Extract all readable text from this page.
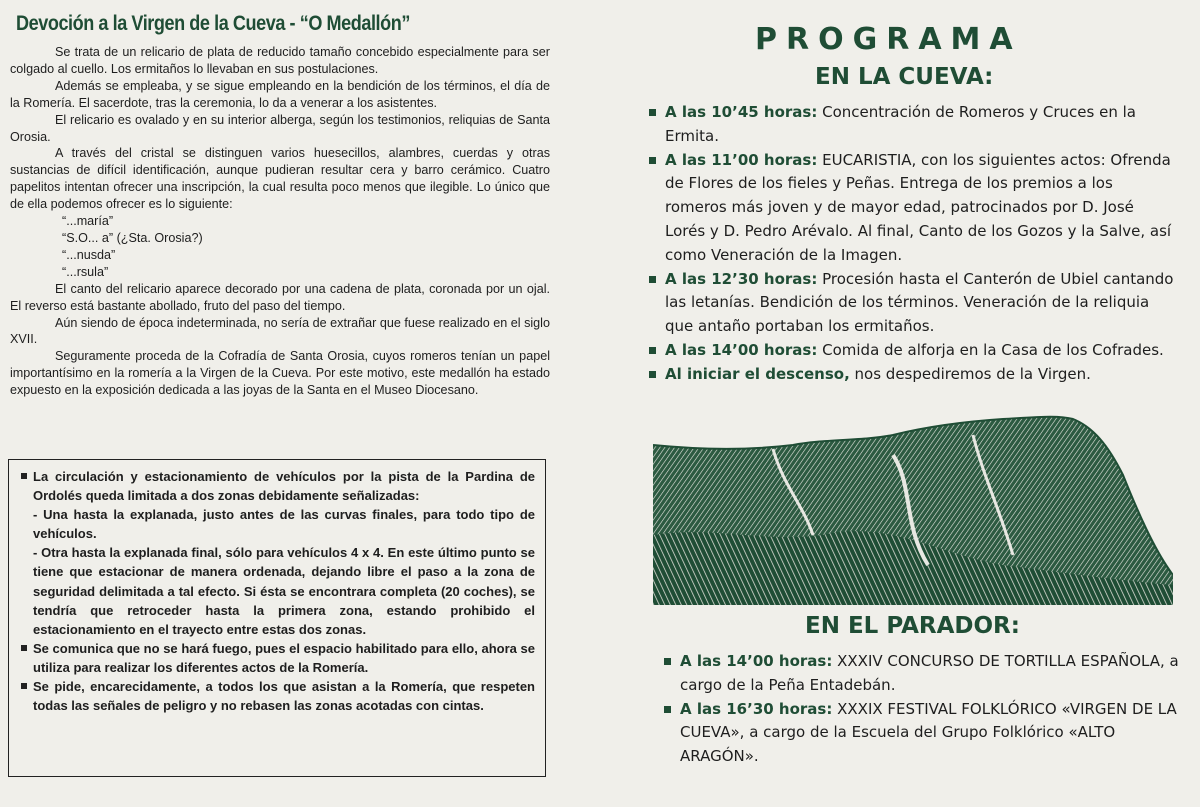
Devoción a la Virgen de la Cueva - “O Medallón”

Se trata de un relicario de plata de reducido tamaño concebido especialmente para ser colgado al cuello. Los ermitaños lo llevaban en sus postulaciones.

Además se empleaba, y se sigue empleando en la bendición de los términos, el día de la Romería. El sacerdote, tras la ceremonia, lo da a venerar a los asistentes.

El relicario es ovalado y en su interior alberga, según los testimonios, reliquias de Santa Orosia.

A través del cristal se distinguen varios huesecillos, alambres, cuerdas y otras sustancias de difícil identificación, aunque pudieran resultar cera y barro cerámico. Cuatro papelitos intentan ofrecer una inscripción, la cual resulta poco menos que ilegible. Lo único que de ella podemos ofrecer es lo siguiente:

“...maría”

“S.O... a” (¿Sta. Orosia?)

“...nusda”

“...rsula”

El canto del relicario aparece decorado por una cadena de plata, coronada por un ojal. El reverso está bastante abollado, fruto del paso del tiempo.

Aún siendo de época indeterminada, no sería de extrañar que fuese realizado en el siglo XVII.

Seguramente proceda de la Cofradía de Santa Orosia, cuyos romeros tenían un papel importantísimo en la romería a la Virgen de la Cueva. Por este motivo, este medallón ha estado expuesto en la exposición dedicada a las joyas de la Santa en el Museo Diocesano.

La circulación y estacionamiento de vehículos por la pista de la Pardina de Ordolés queda limitada a dos zonas debidamente señalizadas:
- Una hasta la explanada, justo antes de las curvas finales, para todo tipo de vehículos.
- Otra hasta la explanada final, sólo para vehículos 4 x 4. En este último punto se tiene que estacionar de manera ordenada, dejando libre el paso a la zona de seguridad delimitada a tal efecto. Si ésta se encontrara completa (20 coches), se tendría que retroceder hasta la primera zona, estando prohibido el estacionamiento en el trayecto entre estas dos zonas.
Se comunica que no se hará fuego, pues el espacio habilitado para ello, ahora se utiliza para realizar los diferentes actos de la Romería.
Se pide, encarecidamente, a todos los que asistan a la Romería, que respeten todas las señales de peligro y no rebasen las zonas acotadas con cintas.
PROGRAMA
EN LA CUEVA:
A las 10’45 horas: Concentración de Romeros y Cruces en la Ermita.
A las 11’00 horas: EUCARISTIA, con los siguientes actos: Ofrenda de Flores de los fieles y Peñas. Entrega de los premios a los romeros más joven y de mayor edad, patrocinados por D. José Lorés y D. Pedro Arévalo. Al final, Canto de los Gozos y la Salve, así como Veneración de la Imagen.
A las 12’30 horas: Procesión hasta el Canterón de Ubiel cantando las letanías. Bendición de los términos. Veneración de la reliquia que antaño portaban los ermitaños.
A las 14’00 horas: Comida de alforja en la Casa de los Cofrades.
Al iniciar el descenso, nos despediremos de la Virgen.
EN EL PARADOR:
A las 14’00 horas: XXXIV CONCURSO DE TORTILLA ESPAÑOLA, a cargo de la Peña Entadebán.
A las 16’30 horas: XXXIX FESTIVAL FOLKLÓRICO «VIRGEN DE LA CUEVA», a cargo de la Escuela del Grupo Folklórico «ALTO ARAGÓN».
